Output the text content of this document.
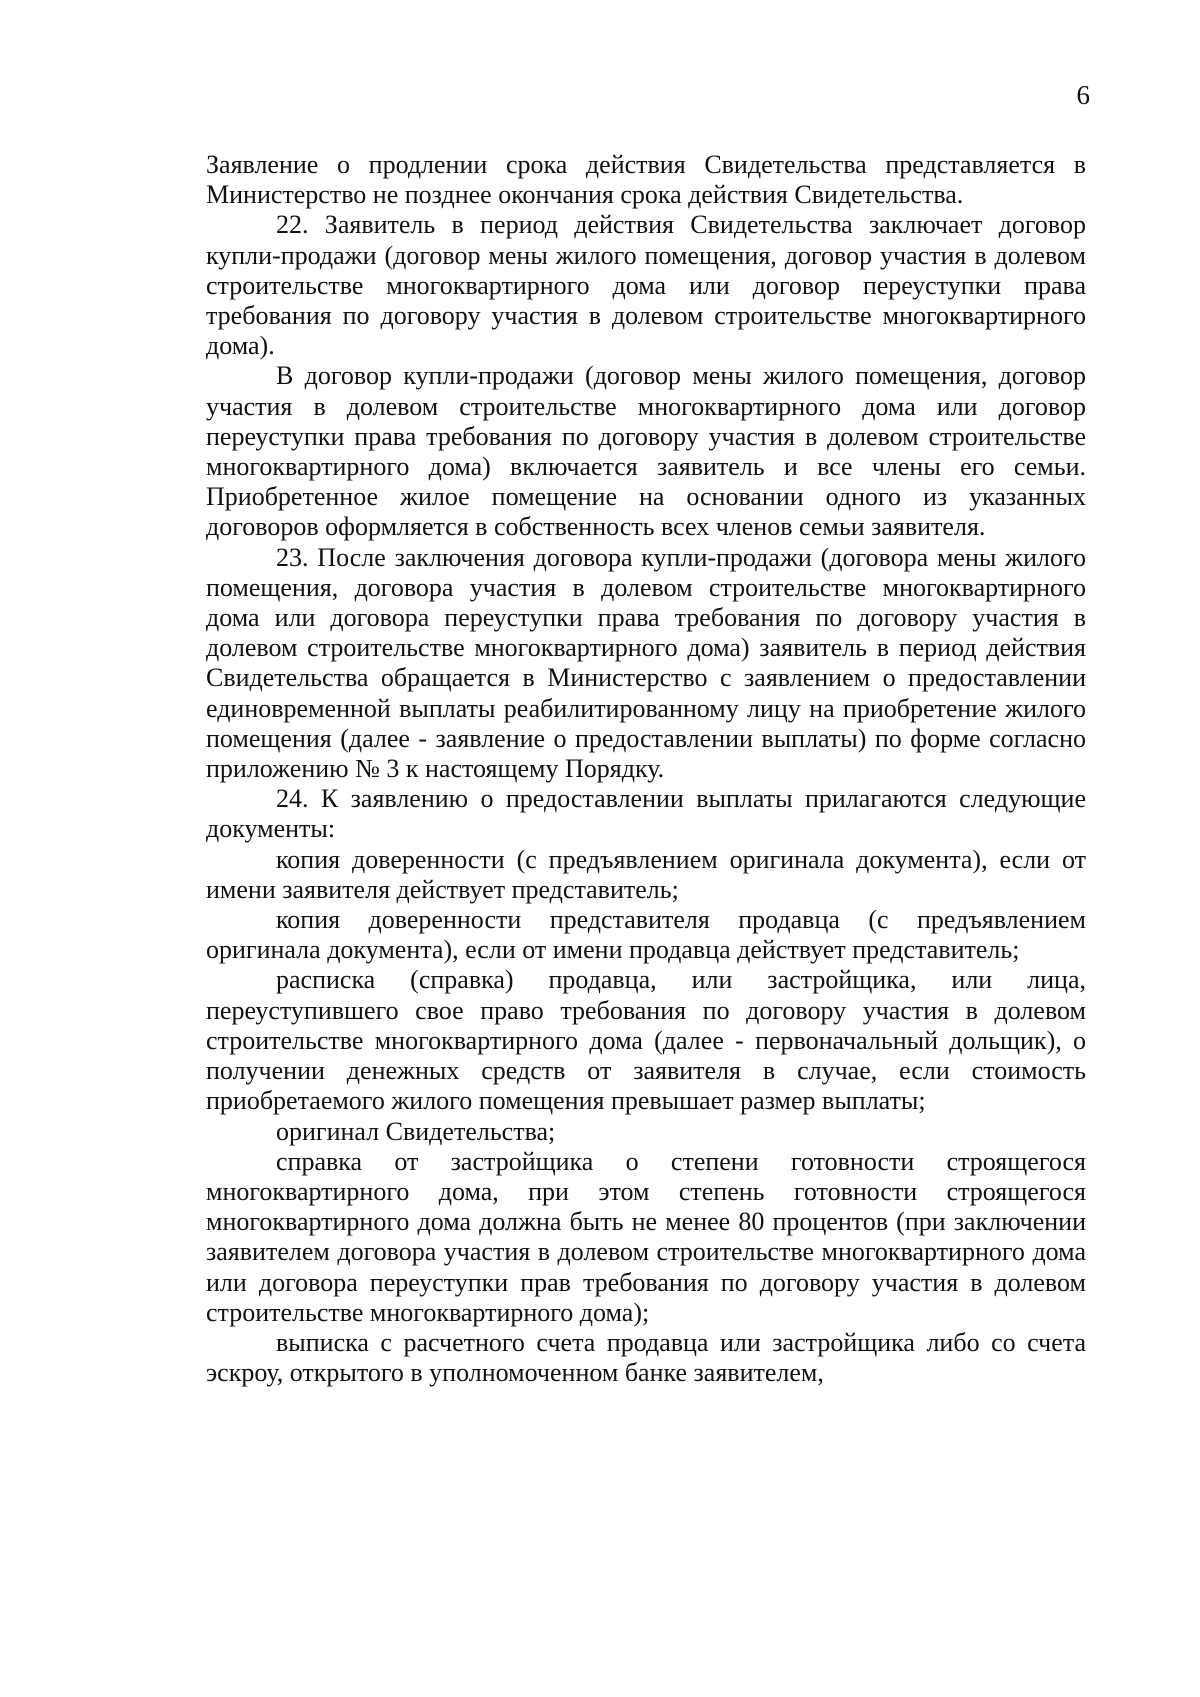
6

Заявление о продлении срока действия Свидетельства представляется в Министерство не позднее окончания срока действия Свидетельства.

22. Заявитель в период действия Свидетельства заключает договор купли-продажи (договор мены жилого помещения, договор участия в долевом строительстве многоквартирного дома или договор переуступки права требования по договору участия в долевом строительстве многоквартирного дома).

В договор купли-продажи (договор мены жилого помещения, договор участия в долевом строительстве многоквартирного дома или договор переуступки права требования по договору участия в долевом строительстве многоквартирного дома) включается заявитель и все члены его семьи. Приобретенное жилое помещение на основании одного из указанных договоров оформляется в собственность всех членов семьи заявителя.

23. После заключения договора купли-продажи (договора мены жилого помещения, договора участия в долевом строительстве многоквартирного дома или договора переуступки права требования по договору участия в долевом строительстве многоквартирного дома) заявитель в период действия Свидетельства обращается в Министерство с заявлением о предоставлении единовременной выплаты реабилитированному лицу на приобретение жилого помещения (далее - заявление о предоставлении выплаты) по форме согласно приложению № 3 к настоящему Порядку.

24. К заявлению о предоставлении выплаты прилагаются следующие документы:

копия доверенности (с предъявлением оригинала документа), если от имени заявителя действует представитель;

копия доверенности представителя продавца (с предъявлением оригинала документа), если от имени продавца действует представитель;

расписка (справка) продавца, или застройщика, или лица, переуступившего свое право требования по договору участия в долевом строительстве многоквартирного дома (далее - первоначальный дольщик), о получении денежных средств от заявителя в случае, если стоимость приобретаемого жилого помещения превышает размер выплаты;

оригинал Свидетельства;

справка от застройщика о степени готовности строящегося многоквартирного дома, при этом степень готовности строящегося многоквартирного дома должна быть не менее 80 процентов (при заключении заявителем договора участия в долевом строительстве многоквартирного дома или договора переуступки прав требования по договору участия в долевом строительстве многоквартирного дома);

выписка с расчетного счета продавца или застройщика либо со счета эскроу, открытого в уполномоченном банке заявителем,
